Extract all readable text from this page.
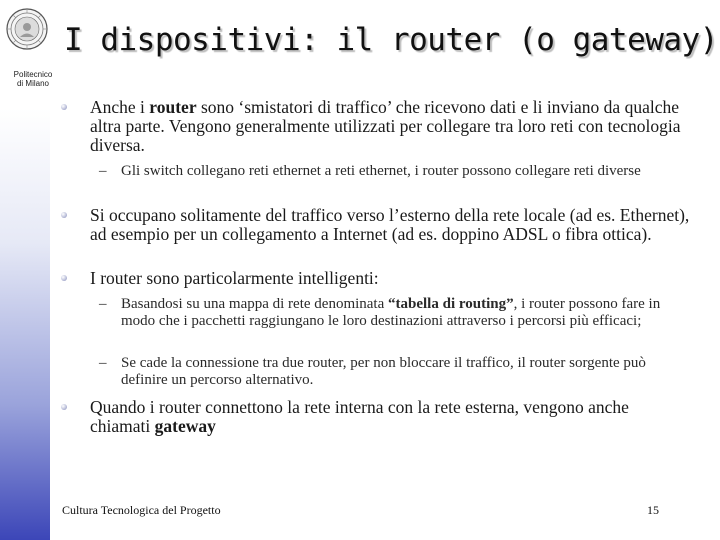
Politecnico
di Milano
I dispositivi: il router (o gateway)
Anche i router sono ‘smistatori di traffico’ che ricevono dati e li inviano da qualche altra parte. Vengono generalmente utilizzati per collegare tra loro reti con tecnologia diversa.
– Gli switch collegano reti ethernet a reti ethernet, i router possono collegare reti diverse
Si occupano solitamente del traffico verso l’esterno della rete locale (ad es. Ethernet), ad esempio per un collegamento a Internet (ad es. doppino ADSL o fibra ottica).
I router sono particolarmente intelligenti:
– Basandosi su una mappa di rete denominata “tabella di routing”, i router possono fare in modo che i pacchetti raggiungano le loro destinazioni attraverso i percorsi più efficaci;
– Se cade la connessione tra due router, per non bloccare il traffico, il router sorgente può definire un percorso alternativo.
Quando i router connettono la rete interna con la rete esterna, vengono anche chiamati gateway
Cultura Tecnologica del Progetto	15
